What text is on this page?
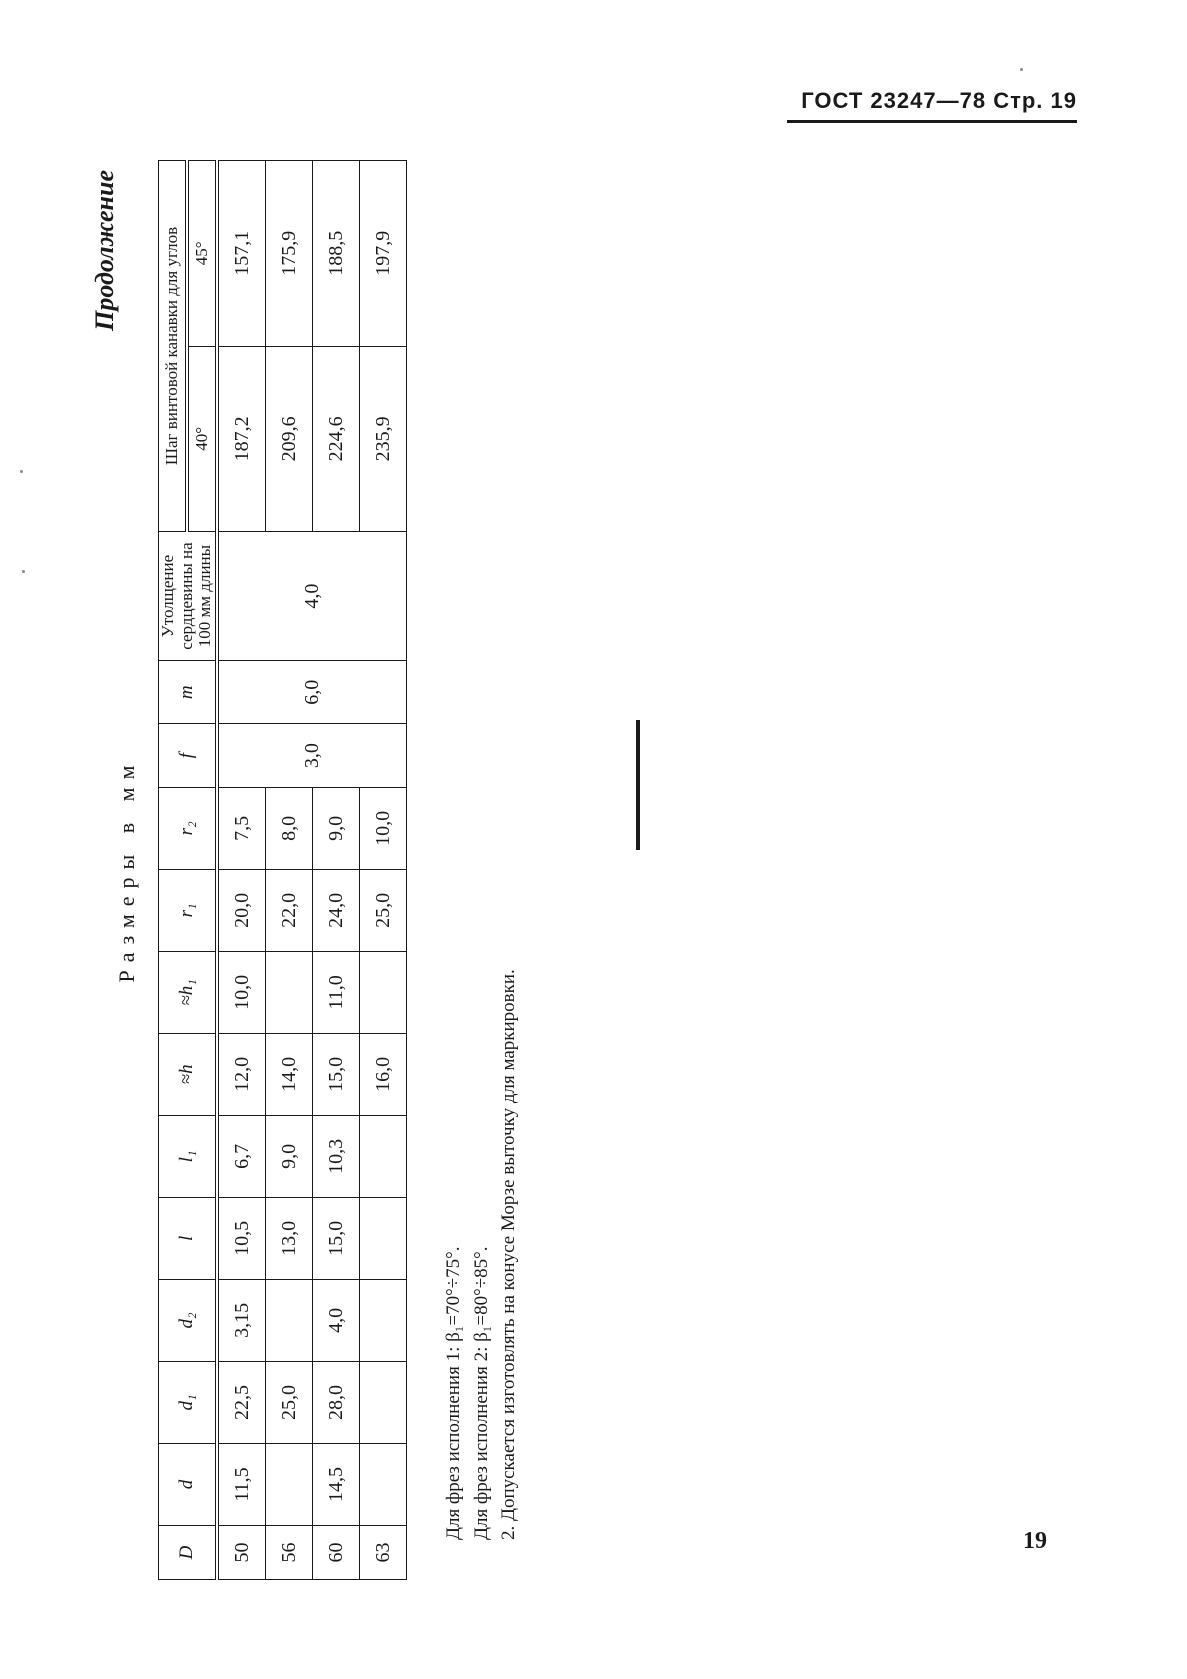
ГОСТ 23247—78 Стр. 19
Продолжение
Размеры в мм
D	d	d₁	d₂	l	l₁	≈h	≈h₁	r₁	r₂	f	m	Утолщение сердцевины на 100 мм длины	Шаг винтовой канавки для углов	
													40°	45°
50	11,5	22,5	3,15	10,5	6,7	12,0	10,0	20,0	7,5	3,0	6,0	4,0	187,2	157,1
56		25,0		13,0	9,0	14,0		22,0	8,0				209,6	175,9
60	14,5	28,0	4,0	15,0	10,3	15,0	11,0	24,0	9,0				224,6	188,5
63						16,0		25,0	10,0				235,9	197,9
Для фрез исполнения 1: β₁=70°÷75°. Для фрез исполнения 2: β₁=80°÷85°. 2. Допускается изготовлять на конусе Морзе выточку для маркировки.
19
